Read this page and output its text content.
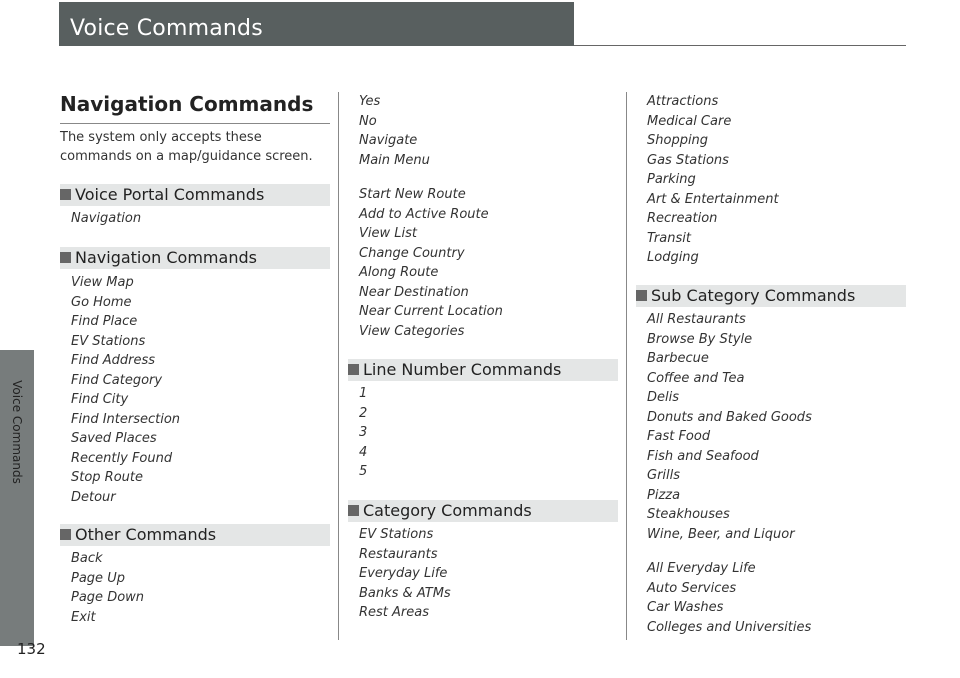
Voice Commands
Voice Commands
132
Navigation Commands
The system only accepts these commands on a map/guidance screen.
Voice Portal Commands
Navigation
Navigation Commands
View Map
Go Home
Find Place
EV Stations
Find Address
Find Category
Find City
Find Intersection
Saved Places
Recently Found
Stop Route
Detour
Other Commands
Back
Page Up
Page Down
Exit
Yes
No
Navigate
Main Menu
Start New Route
Add to Active Route
View List
Change Country
Along Route
Near Destination
Near Current Location
View Categories
Line Number Commands
1
2
3
4
5
Category Commands
EV Stations
Restaurants
Everyday Life
Banks & ATMs
Rest Areas
Attractions
Medical Care
Shopping
Gas Stations
Parking
Art & Entertainment
Recreation
Transit
Lodging
Sub Category Commands
All Restaurants
Browse By Style
Barbecue
Coffee and Tea
Delis
Donuts and Baked Goods
Fast Food
Fish and Seafood
Grills
Pizza
Steakhouses
Wine, Beer, and Liquor
All Everyday Life
Auto Services
Car Washes
Colleges and Universities
